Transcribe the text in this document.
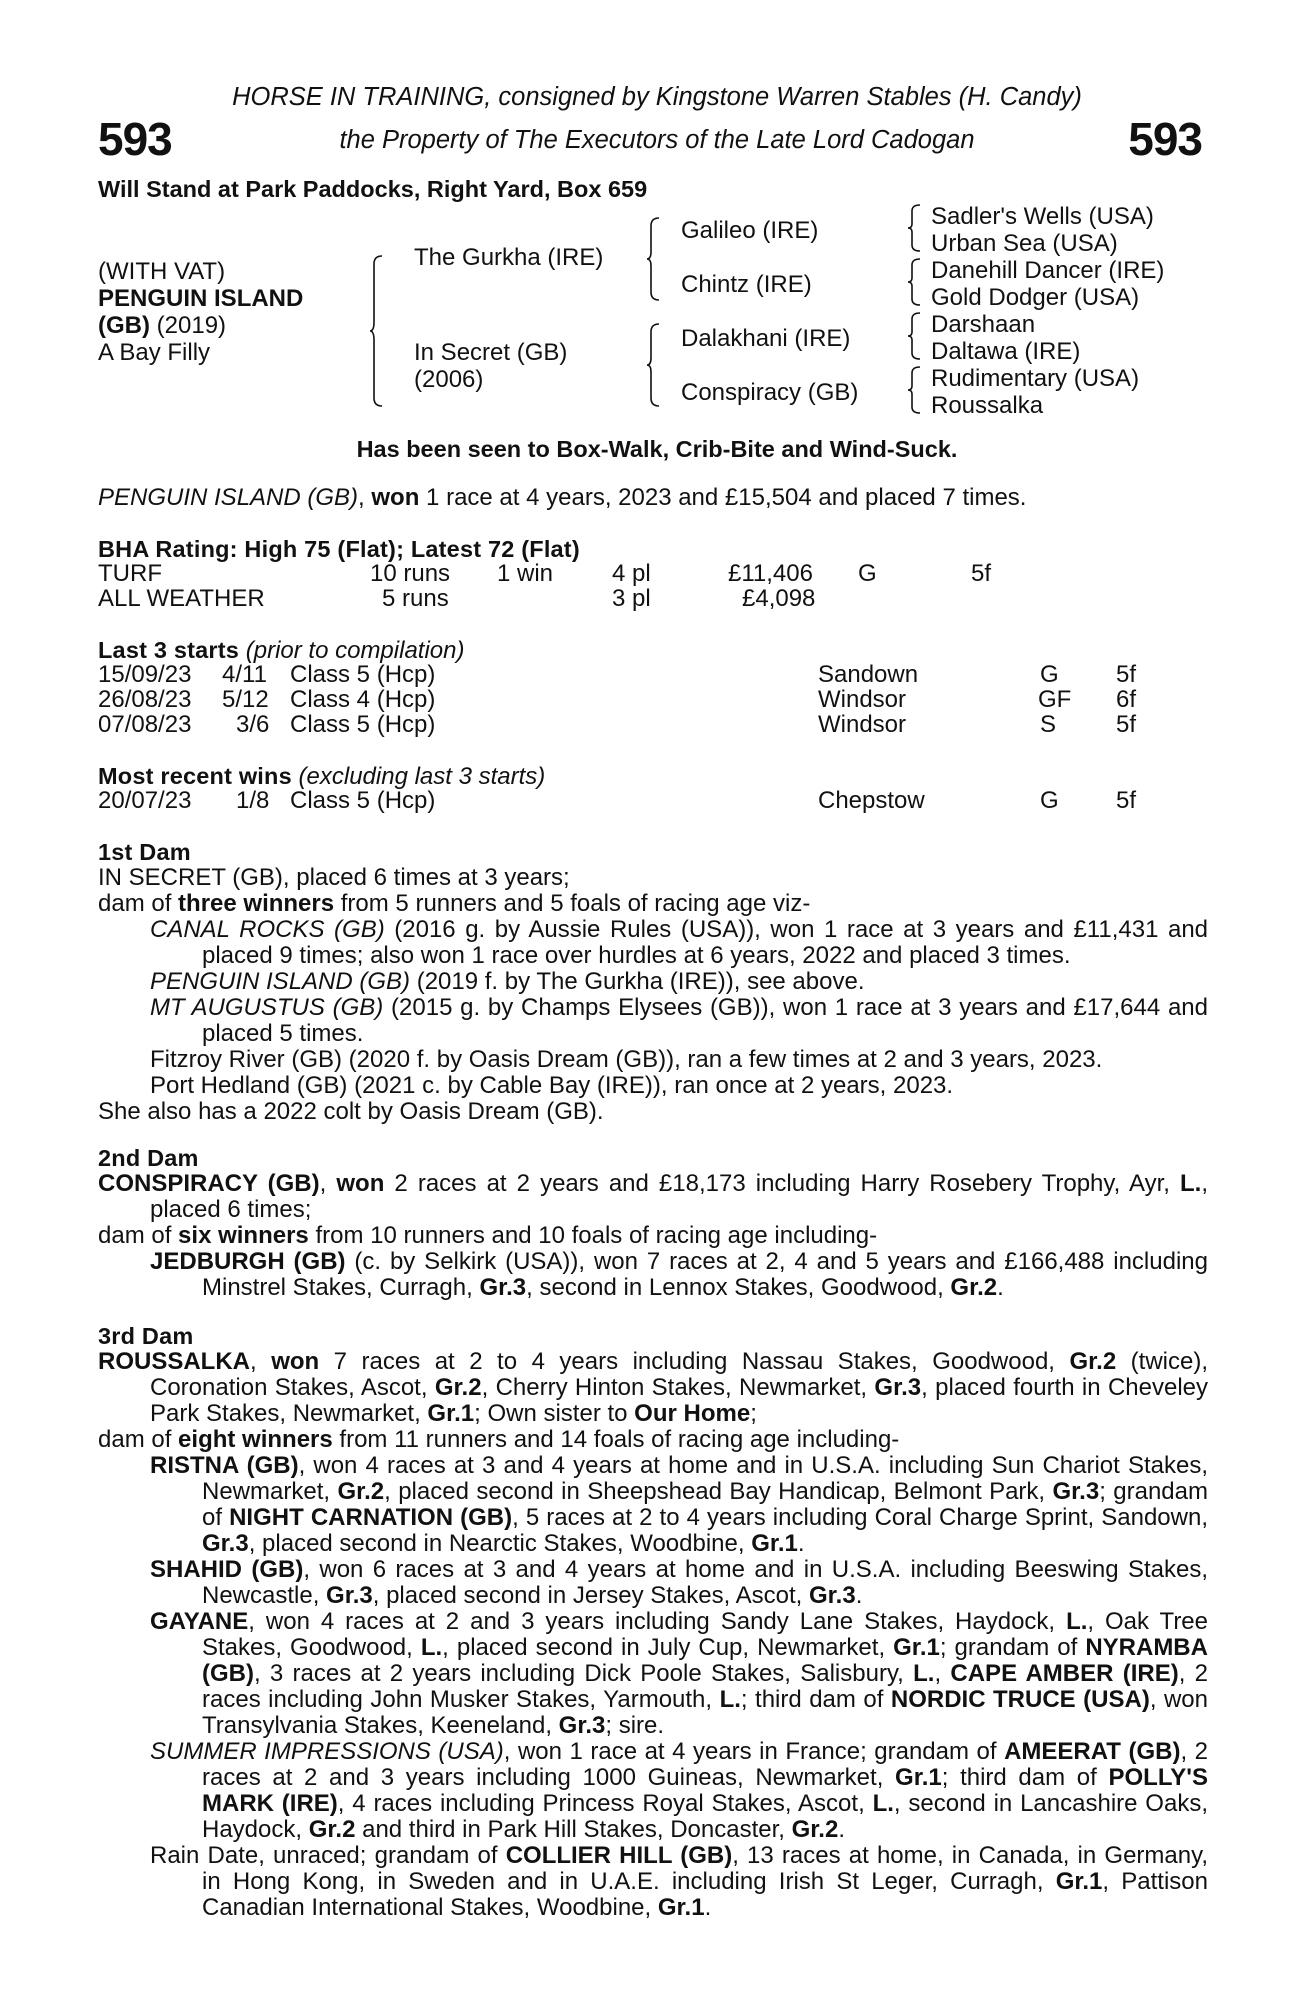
HORSE IN TRAINING, consigned by Kingstone Warren Stables (H. Candy)
593	the Property of The Executors of the Late Lord Cadogan	593
Will Stand at Park Paddocks, Right Yard, Box 659
(WITH VAT)
PENGUIN ISLAND
(GB) (2019)
A Bay Filly
The Gurkha (IRE)
In Secret (GB)
(2006)
Galileo (IRE)
Chintz (IRE)
Dalakhani (IRE)
Conspiracy (GB)
Sadler's Wells (USA)
Urban Sea (USA)
Danehill Dancer (IRE)
Gold Dodger (USA)
Darshaan
Daltawa (IRE)
Rudimentary (USA)
Roussalka
Has been seen to Box-Walk, Crib-Bite and Wind-Suck.
PENGUIN ISLAND (GB), won 1 race at 4 years, 2023 and £15,504 and placed 7 times.
BHA Rating: High 75 (Flat); Latest 72 (Flat)
TURF	10 runs 1 win 4 pl	£11,406 G	5f
ALL WEATHER	5 runs	3 pl	£4,098
Last 3 starts (prior to compilation)
15/09/23 4/11 Class 5 (Hcp)	Sandown	G 5f
26/08/23 5/12 Class 4 (Hcp)	Windsor	GF 6f
07/08/23 3/6 Class 5 (Hcp)	Windsor	S 5f
Most recent wins (excluding last 3 starts)
20/07/23 1/8 Class 5 (Hcp)	Chepstow	G 5f

1st Dam

IN SECRET (GB), placed 6 times at 3 years;

dam of three winners from 5 runners and 5 foals of racing age viz-

CANAL ROCKS (GB) (2016 g. by Aussie Rules (USA)), won 1 race at 3 years and £11,431 and placed 9 times; also won 1 race over hurdles at 6 years, 2022 and placed 3 times.

PENGUIN ISLAND (GB) (2019 f. by The Gurkha (IRE)), see above.

MT AUGUSTUS (GB) (2015 g. by Champs Elysees (GB)), won 1 race at 3 years and £17,644 and placed 5 times.

Fitzroy River (GB) (2020 f. by Oasis Dream (GB)), ran a few times at 2 and 3 years, 2023.

Port Hedland (GB) (2021 c. by Cable Bay (IRE)), ran once at 2 years, 2023.

She also has a 2022 colt by Oasis Dream (GB).

2nd Dam

CONSPIRACY (GB), won 2 races at 2 years and £18,173 including Harry Rosebery Trophy, Ayr, L., placed 6 times;

dam of six winners from 10 runners and 10 foals of racing age including-

JEDBURGH (GB) (c. by Selkirk (USA)), won 7 races at 2, 4 and 5 years and £166,488 including Minstrel Stakes, Curragh, Gr.3, second in Lennox Stakes, Goodwood, Gr.2.

3rd Dam

ROUSSALKA, won 7 races at 2 to 4 years including Nassau Stakes, Goodwood, Gr.2 (twice), Coronation Stakes, Ascot, Gr.2, Cherry Hinton Stakes, Newmarket, Gr.3, placed fourth in Cheveley Park Stakes, Newmarket, Gr.1; Own sister to Our Home;

dam of eight winners from 11 runners and 14 foals of racing age including-

RISTNA (GB), won 4 races at 3 and 4 years at home and in U.S.A. including Sun Chariot Stakes, Newmarket, Gr.2, placed second in Sheepshead Bay Handicap, Belmont Park, Gr.3; grandam of NIGHT CARNATION (GB), 5 races at 2 to 4 years including Coral Charge Sprint, Sandown, Gr.3, placed second in Nearctic Stakes, Woodbine, Gr.1.

SHAHID (GB), won 6 races at 3 and 4 years at home and in U.S.A. including Beeswing Stakes, Newcastle, Gr.3, placed second in Jersey Stakes, Ascot, Gr.3.

GAYANE, won 4 races at 2 and 3 years including Sandy Lane Stakes, Haydock, L., Oak Tree Stakes, Goodwood, L., placed second in July Cup, Newmarket, Gr.1; grandam of NYRAMBA (GB), 3 races at 2 years including Dick Poole Stakes, Salisbury, L., CAPE AMBER (IRE), 2 races including John Musker Stakes, Yarmouth, L.; third dam of NORDIC TRUCE (USA), won Transylvania Stakes, Keeneland, Gr.3; sire.

SUMMER IMPRESSIONS (USA), won 1 race at 4 years in France; grandam of AMEERAT (GB), 2 races at 2 and 3 years including 1000 Guineas, Newmarket, Gr.1; third dam of POLLY'S MARK (IRE), 4 races including Princess Royal Stakes, Ascot, L., second in Lancashire Oaks, Haydock, Gr.2 and third in Park Hill Stakes, Doncaster, Gr.2.

Rain Date, unraced; grandam of COLLIER HILL (GB), 13 races at home, in Canada, in Germany, in Hong Kong, in Sweden and in U.A.E. including Irish St Leger, Curragh, Gr.1, Pattison Canadian International Stakes, Woodbine, Gr.1.
